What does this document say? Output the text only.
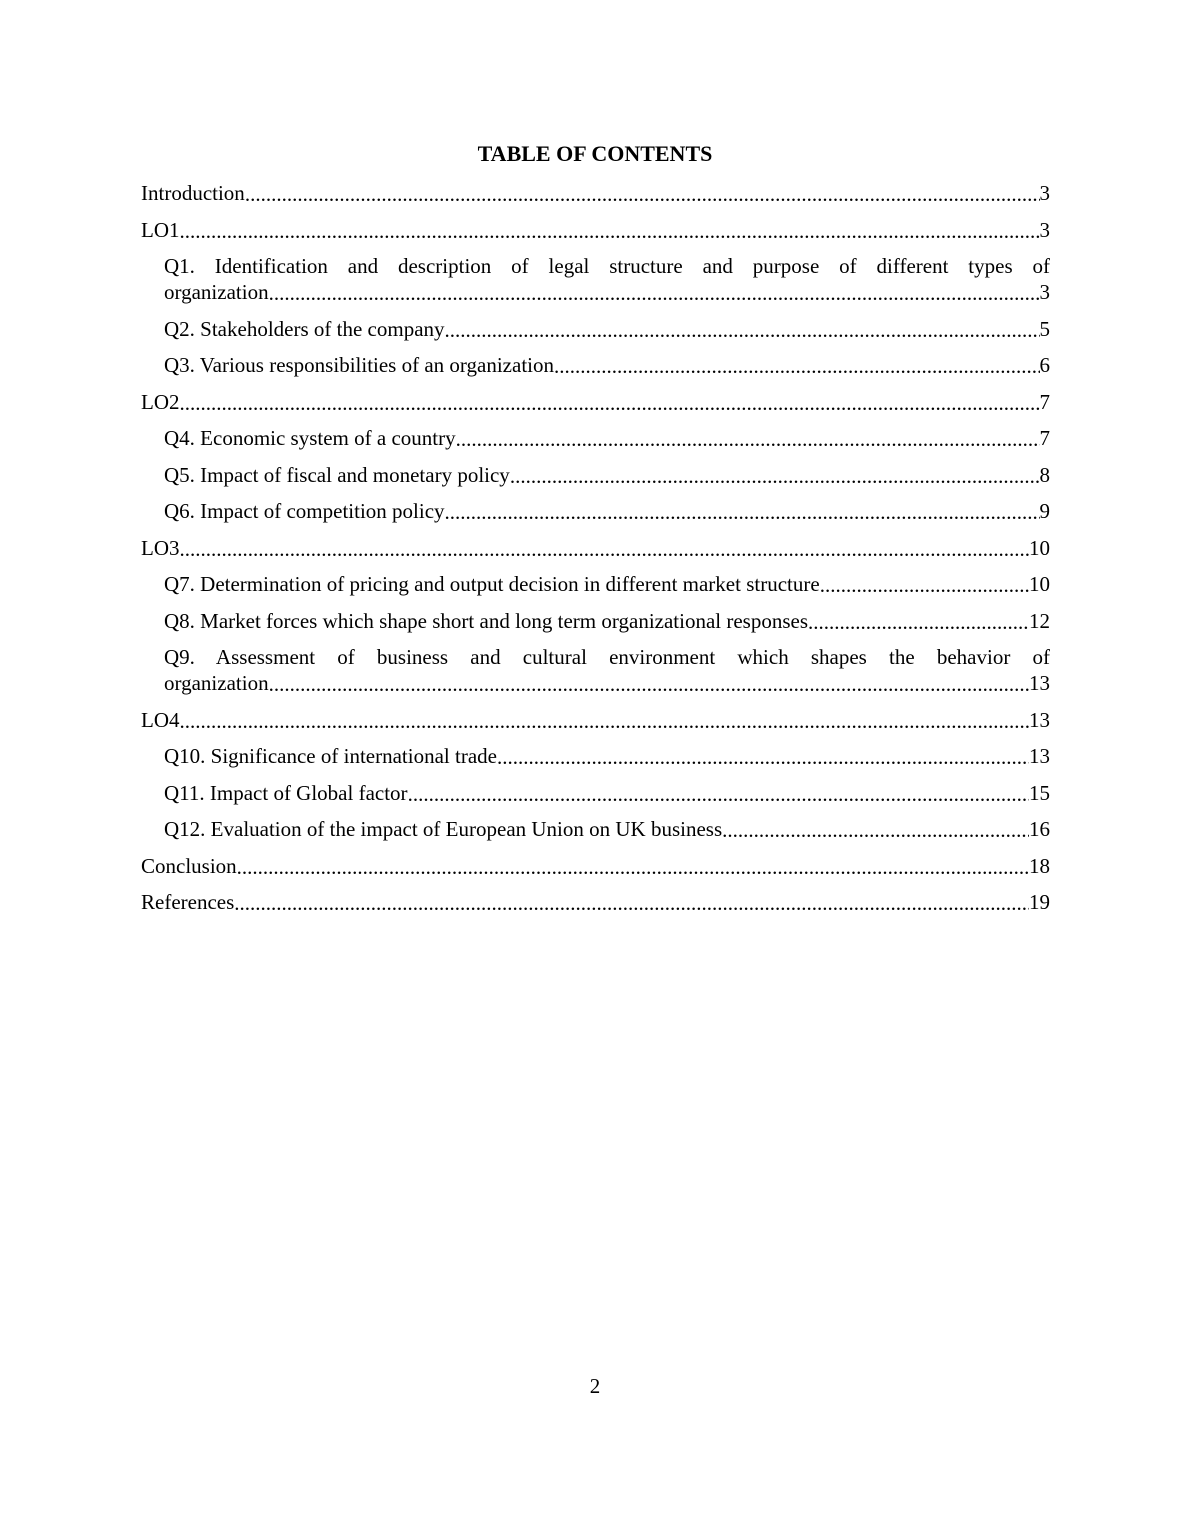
TABLE OF CONTENTS
Introduction .....	3
LO1 .....	3
Q1. Identification and description of legal structure and purpose of different types of
organization .....	3
Q2. Stakeholders of the company .....	5
Q3. Various responsibilities of an organization .....	6
LO2 .....	7
Q4. Economic system of a country .....	7
Q5. Impact of fiscal and monetary policy .....	8
Q6. Impact of competition policy .....	9
LO3 .....	10
Q7. Determination of pricing and output decision in different market structure .....	10
Q8. Market forces which shape short and long term organizational responses .....	12
Q9. Assessment of business and cultural environment which shapes the behavior of
organization .....	13
LO4 .....	13
Q10. Significance of international trade .....	13
Q11. Impact of Global factor .....	15
Q12. Evaluation of the impact of European Union on UK business .....	16
Conclusion .....	18
References .....	19
2
